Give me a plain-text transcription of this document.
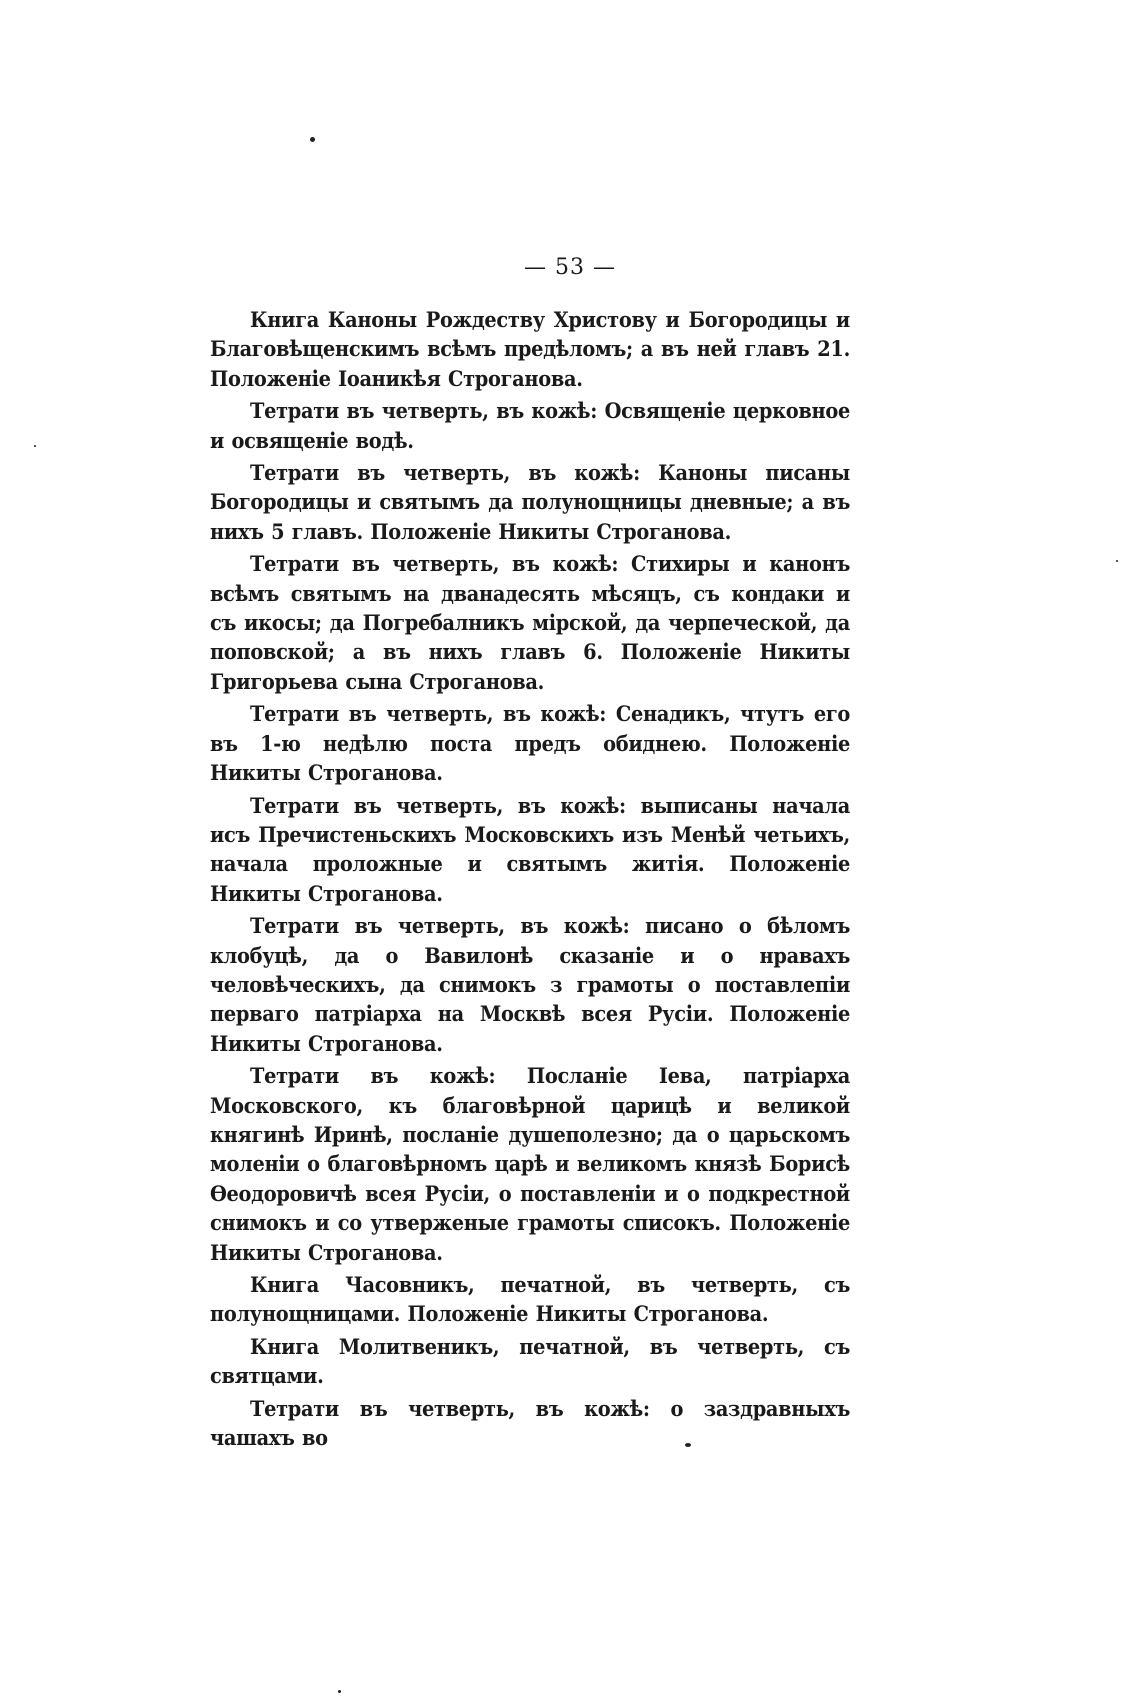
— 53 —

Книга Каноны Рождеству Христову и Богородицы и Благовѣщенскимъ всѣмъ предѣломъ; а въ ней главъ 21. Положеніе Іоаникѣя Строганова.

Тетрати въ четверть, въ кожѣ: Освященіе церковное и освященіе водѣ.

Тетрати въ четверть, въ кожѣ: Каноны писаны Богородицы и святымъ да полунощницы дневные; а въ нихъ 5 главъ. Положеніе Никиты Строганова.

Тетрати въ четверть, въ кожѣ: Стихиры и канонъ всѣмъ святымъ на дванадесять мѣсяцъ, съ кондаки и съ икосы; да Погребалникъ мірской, да черпеческой, да поповской; а въ нихъ главъ 6. Положеніе Никиты Григорьева сына Строганова.

Тетрати въ четверть, въ кожѣ: Сенадикъ, чтутъ его въ 1-ю недѣлю поста предъ обиднею. Положеніе Никиты Строганова.

Тетрати въ четверть, въ кожѣ: выписаны начала исъ Пречистеньскихъ Московскихъ изъ Менѣй четьихъ, начала проложные и святымъ житія. Положеніе Никиты Строганова.

Тетрати въ четверть, въ кожѣ: писано о бѣломъ клобуцѣ, да о Вавилонѣ сказаніе и о нравахъ человѣческихъ, да снимокъ з грамоты о поставлепіи перваго патріарха на Москвѣ всея Русіи. Положеніе Никиты Строганова.

Тетрати въ кожѣ: Посланіе Іева, патріарха Московского, къ благовѣрной царицѣ и великой княгинѣ Иринѣ, посланіе душеполезно; да о царьскомъ моленіи о благовѣрномъ царѣ и великомъ князѣ Борисѣ Ѳеодоровичѣ всея Русіи, о поставленіи и о подкрестной снимокъ и со утверженые грамоты списокъ. Положеніе Никиты Строганова.

Книга Часовникъ, печатной, въ четверть, съ полунощницами. Положеніе Никиты Строганова.

Книга Молитвеникъ, печатной, въ четверть, съ святцами.

Тетрати въ четверть, въ кожѣ: о заздравныхъ чашахъ во
